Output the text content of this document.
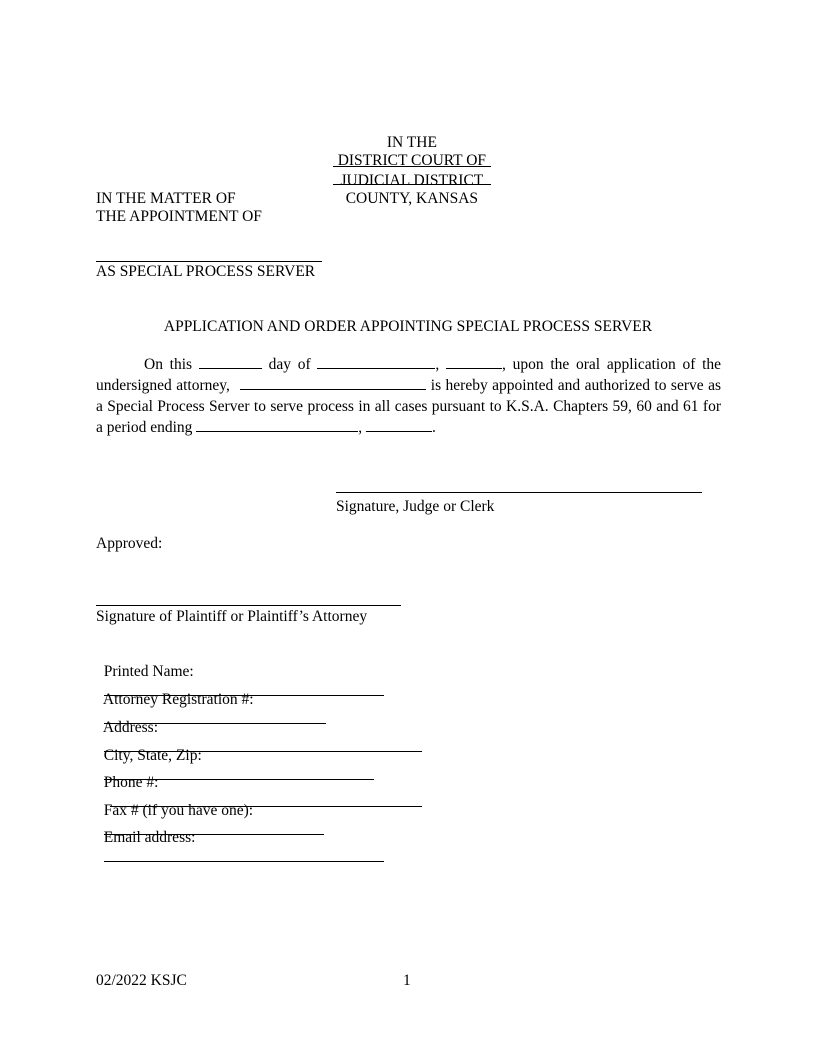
IN THE

JUDICIAL DISTRICT

DISTRICT COURT OF

COUNTY, KANSAS

IN THE MATTER OF
THE APPOINTMENT OF
AS SPECIAL PROCESS SERVER
APPLICATION AND ORDER APPOINTING SPECIAL PROCESS SERVER
On this	day of	,	, upon the oral application of the undersigned attorney,	is hereby appointed and authorized to serve as a Special Process Server to serve process in all cases pursuant to K.S.A. Chapters 59, 60 and 61 for a period ending	,	.
Signature, Judge or Clerk
Approved:
Signature of Plaintiff or Plaintiff’s Attorney

Printed Name:

Attorney Registration #:

Address:

City, State, Zip:

Phone #:

Fax # (if you have one):

Email address:

02/2022 KSJC	1
